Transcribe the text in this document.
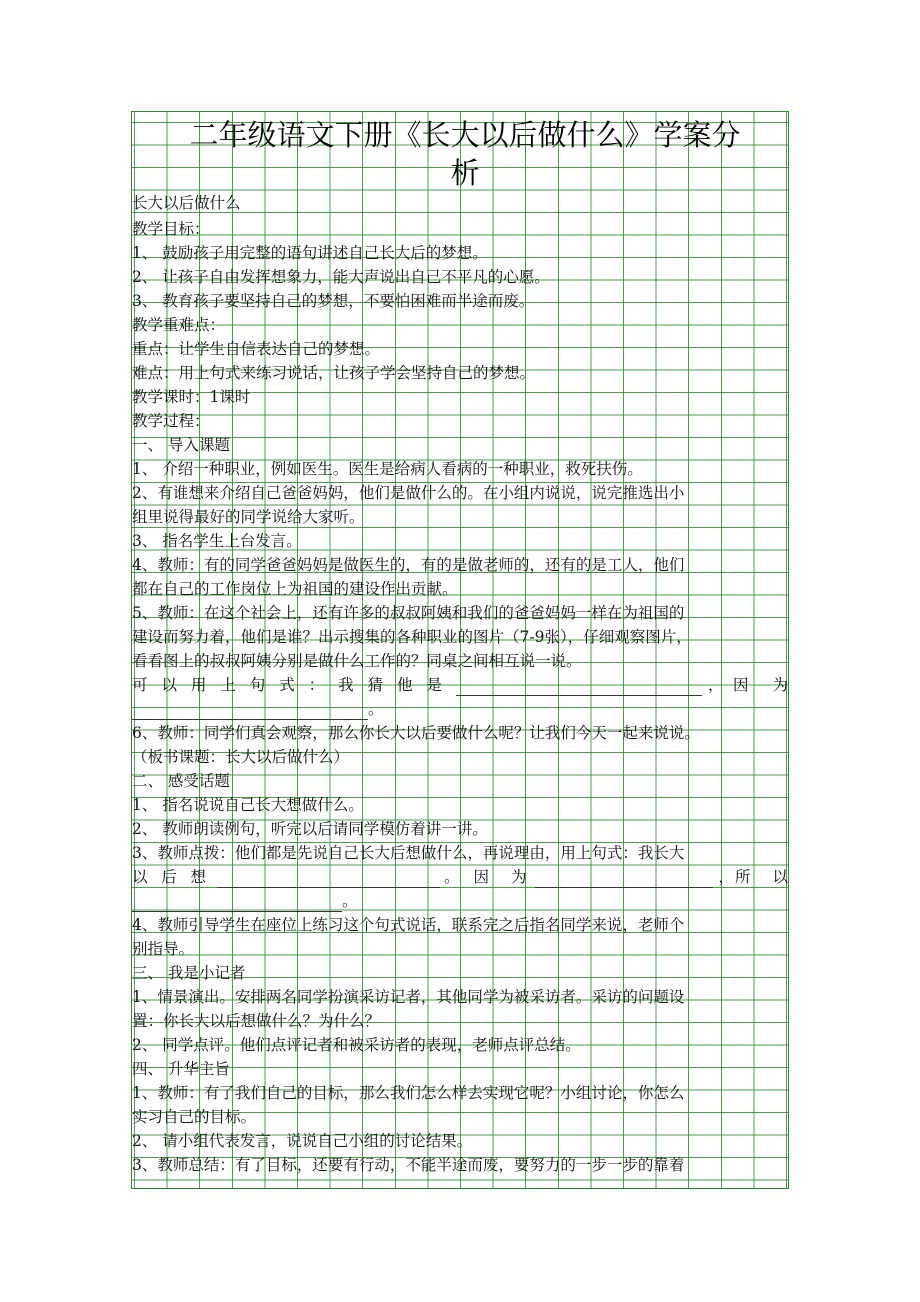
二年级语文下册《长大以后做什么》学案分
析
长大以后做什么
教学目标：
1、 鼓励孩子用完整的语句讲述自己长大后的梦想。
2、 让孩子自由发挥想象力，能大声说出自己不平凡的心愿。
3、 教育孩子要坚持自己的梦想，不要怕困难而半途而废。
教学重难点：
重点：让学生自信表达自己的梦想。
难点：用上句式来练习说话，让孩子学会坚持自己的梦想。
教学课时：1课时
教学过程：
一、 导入课题
1、 介绍一种职业，例如医生。医生是给病人看病的一种职业，救死扶伤。
2、有谁想来介绍自己爸爸妈妈，他们是做什么的。在小组内说说，说完推选出小
组里说得最好的同学说给大家听。
3、 指名学生上台发言。
4、教师：有的同学爸爸妈妈是做医生的，有的是做老师的，还有的是工人，他们
都在自己的工作岗位上为祖国的建设作出贡献。
5、教师：在这个社会上，还有许多的叔叔阿姨和我们的爸爸妈妈一样在为祖国的
建设而努力着，他们是谁？出示搜集的各种职业的图片（7-9张），仔细观察图片，
看看图上的叔叔阿姨分别是做什么工作的？同桌之间相互说一说。
可 以 用 上 句 式 ： 我 猜 他 是	， 因 为
。
6、教师：同学们真会观察，那么你长大以后要做什么呢？让我们今天一起来说说。
（板书课题：长大以后做什么）
二、 感受话题
1、 指名说说自己长大想做什么。
2、 教师朗读例句，听完以后请同学模仿着讲一讲。
3、教师点拨：他们都是先说自己长大后想做什么，再说理由，用上句式：我长大
以 后 想	。 因 为	， 所 以
。
4、教师引导学生在座位上练习这个句式说话，联系完之后指名同学来说，老师个
别指导。
三、 我是小记者
1、情景演出。安排两名同学扮演采访记者，其他同学为被采访者。采访的问题设
置：你长大以后想做什么？为什么？
2、 同学点评。他们点评记者和被采访者的表现，老师点评总结。
四、 升华主旨
1、教师：有了我们自己的目标，那么我们怎么样去实现它呢？小组讨论，你怎么
实习自己的目标。
2、 请小组代表发言，说说自己小组的讨论结果。
3、教师总结：有了目标，还要有行动，不能半途而废，要努力的一步一步的靠着
